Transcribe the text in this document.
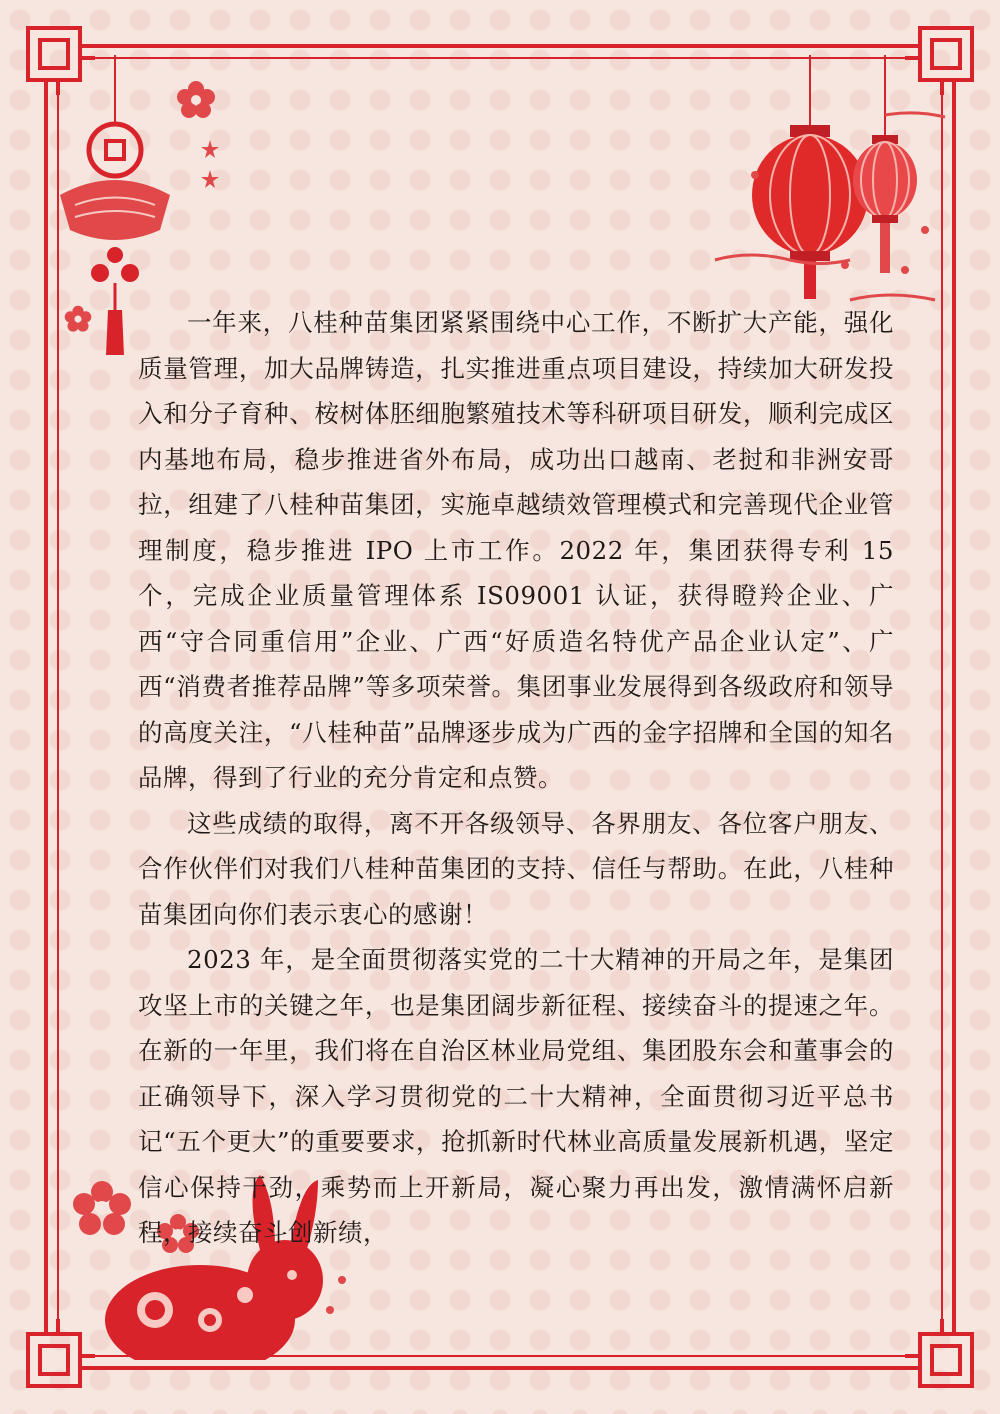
一年来，八桂种苗集团紧紧围绕中心工作，不断扩大产能，强化质量管理，加大品牌铸造，扎实推进重点项目建设，持续加大研发投入和分子育种、桉树体胚细胞繁殖技术等科研项目研发，顺利完成区内基地布局，稳步推进省外布局，成功出口越南、老挝和非洲安哥拉，组建了八桂种苗集团，实施卓越绩效管理模式和完善现代企业管理制度，稳步推进 IPO 上市工作。2022 年，集团获得专利 15 个，完成企业质量管理体系 IS09001 认证，获得瞪羚企业、广西“守合同重信用”企业、广西“好质造名特优产品企业认定”、广西“消费者推荐品牌”等多项荣誉。集团事业发展得到各级政府和领导的高度关注，“八桂种苗”品牌逐步成为广西的金字招牌和全国的知名品牌，得到了行业的充分肯定和点赞。

这些成绩的取得，离不开各级领导、各界朋友、各位客户朋友、合作伙伴们对我们八桂种苗集团的支持、信任与帮助。在此，八桂种苗集团向你们表示衷心的感谢！

2023 年，是全面贯彻落实党的二十大精神的开局之年，是集团攻坚上市的关键之年，也是集团阔步新征程、接续奋斗的提速之年。在新的一年里，我们将在自治区林业局党组、集团股东会和董事会的正确领导下，深入学习贯彻党的二十大精神，全面贯彻习近平总书记“五个更大”的重要要求，抢抓新时代林业高质量发展新机遇，坚定信心保持干劲，乘势而上开新局，凝心聚力再出发，激情满怀启新程，接续奋斗创新绩，
